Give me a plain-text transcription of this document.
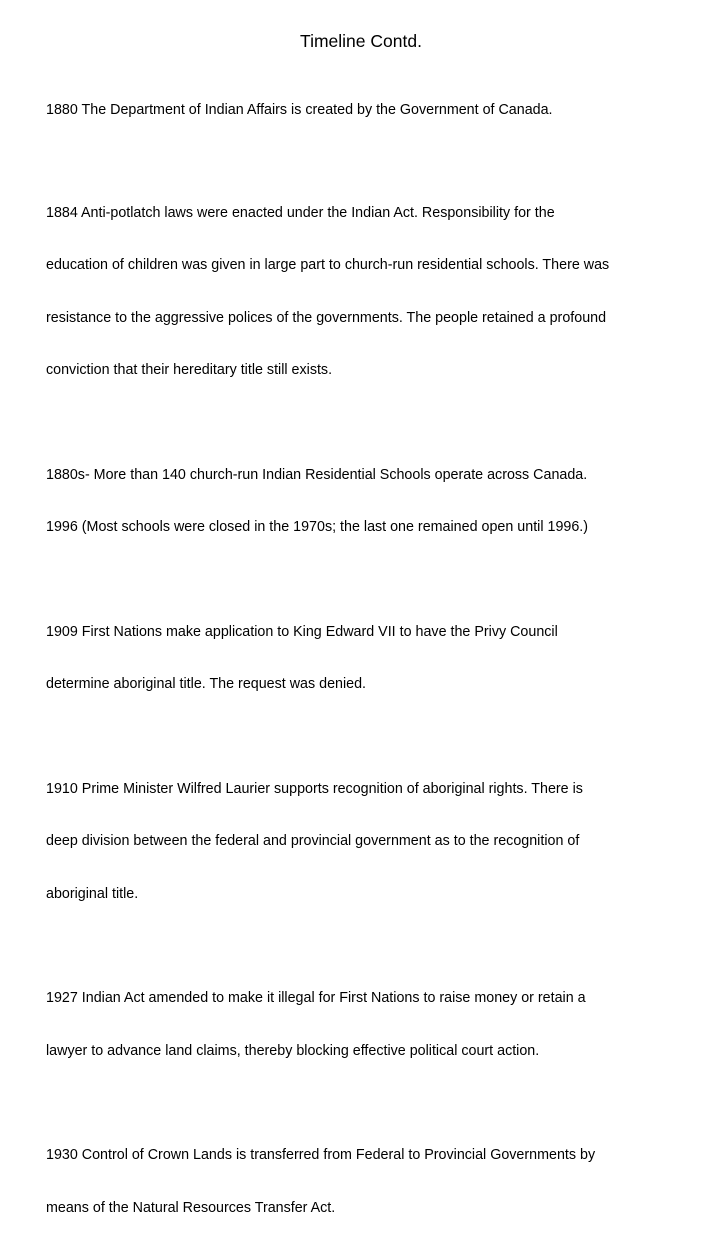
Timeline Contd.

1880 The Department of Indian Affairs is created by the Government of Canada.

1884 Anti-potlatch laws were enacted under the Indian Act. Responsibility for the

education of children was given in large part to church-run residential schools. There was

resistance to the aggressive polices of the governments. The people retained a profound

conviction that their hereditary title still exists.

1880s- More than 140 church-run Indian Residential Schools operate across Canada.

1996 (Most schools were closed in the 1970s; the last one remained open until 1996.)

1909 First Nations make application to King Edward VII to have the Privy Council

determine aboriginal title. The request was denied.

1910 Prime Minister Wilfred Laurier supports recognition of aboriginal rights. There is

deep division between the federal and provincial government as to the recognition of

aboriginal title.

1927 Indian Act amended to make it illegal for First Nations to raise money or retain a

lawyer to advance land claims, thereby blocking effective political court action.

1930 Control of Crown Lands is transferred from Federal to Provincial Governments by

means of the Natural Resources Transfer Act.
